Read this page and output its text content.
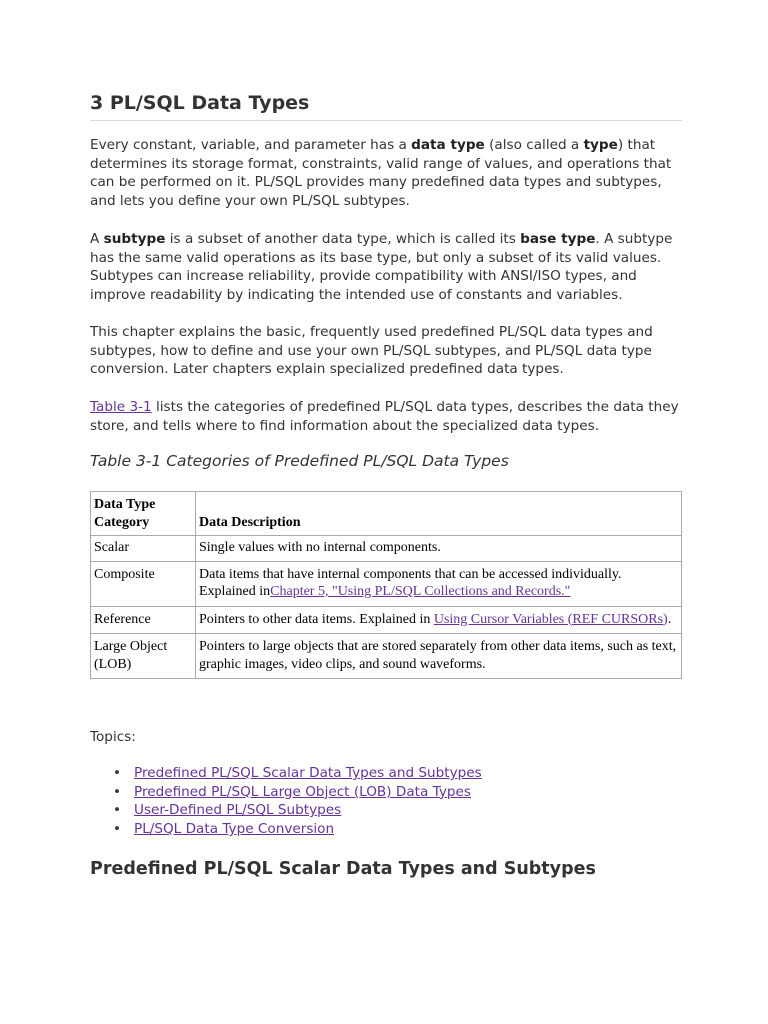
3 PL/SQL Data Types

Every constant, variable, and parameter has a data type (also called a type) that determines its storage format, constraints, valid range of values, and operations that can be performed on it. PL/SQL provides many predefined data types and subtypes, and lets you define your own PL/SQL subtypes.

A subtype is a subset of another data type, which is called its base type. A subtype has the same valid operations as its base type, but only a subset of its valid values. Subtypes can increase reliability, provide compatibility with ANSI/ISO types, and improve readability by indicating the intended use of constants and variables.

This chapter explains the basic, frequently used predefined PL/SQL data types and subtypes, how to define and use your own PL/SQL subtypes, and PL/SQL data type conversion. Later chapters explain specialized predefined data types.

Table 3-1 lists the categories of predefined PL/SQL data types, describes the data they store, and tells where to find information about the specialized data types.

Table 3-1 Categories of Predefined PL/SQL Data Types

Data Type Category	Data Description
Scalar	Single values with no internal components.
Composite	Data items that have internal components that can be accessed individually. Explained inChapter 5, "Using PL/SQL Collections and Records."
Reference	Pointers to other data items. Explained in Using Cursor Variables (REF CURSORs).
Large Object (LOB)	Pointers to large objects that are stored separately from other data items, such as text, graphic images, video clips, and sound waveforms.

Topics:

• Predefined PL/SQL Scalar Data Types and Subtypes
• Predefined PL/SQL Large Object (LOB) Data Types
• User-Defined PL/SQL Subtypes
• PL/SQL Data Type Conversion
Predefined PL/SQL Scalar Data Types and Subtypes
